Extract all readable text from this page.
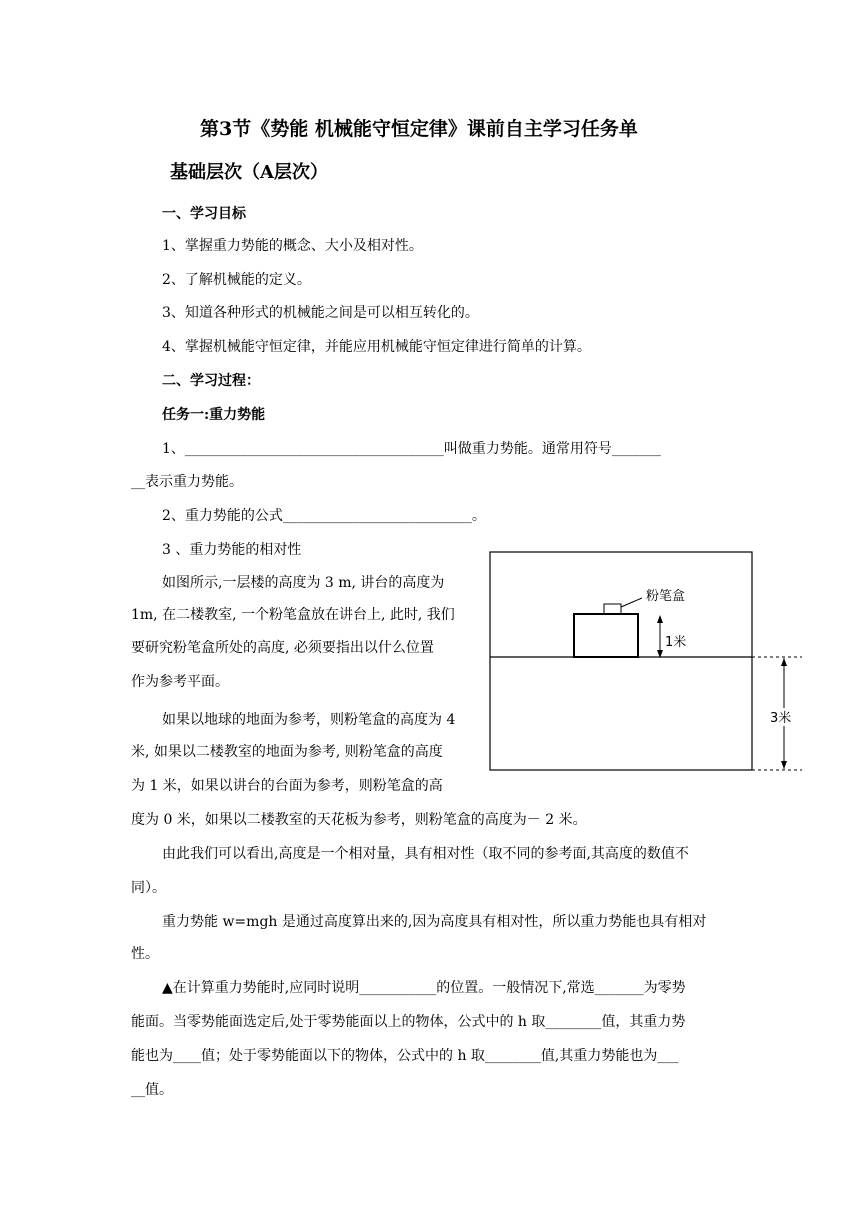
第3节《势能 机械能守恒定律》课前自主学习任务单
基础层次（A层次）
一、学习目标
1、掌握重力势能的概念、大小及相对性。
2、了解机械能的定义。
3、知道各种形式的机械能之间是可以相互转化的。
4、掌握机械能守恒定律，并能应用机械能守恒定律进行简单的计算。
二、学习过程：
任务一:重力势能
1、_____________________________________叫做重力势能。通常用符号_______
__表示重力势能。
2、重力势能的公式___________________________。
3 、重力势能的相对性
如图所示,一层楼的高度为 3 m, 讲台的高度为
1m, 在二楼教室, 一个粉笔盒放在讲台上, 此时, 我们
要研究粉笔盒所处的高度, 必须要指出以什么位置
作为参考平面。
如果以地球的地面为参考，则粉笔盒的高度为 4
米, 如果以二楼教室的地面为参考, 则粉笔盒的高度
为 1 米，如果以讲台的台面为参考，则粉笔盒的高
度为 0 米，如果以二楼教室的天花板为参考，则粉笔盒的高度为－ 2 米。
由此我们可以看出,高度是一个相对量，具有相对性（取不同的参考面,其高度的数值不
同）。
重力势能 w=mgh 是通过高度算出来的,因为高度具有相对性，所以重力势能也具有相对
性。
▲在计算重力势能时,应同时说明___________的位置。一般情况下,常选_______为零势
能面。当零势能面选定后,处于零势能面以上的物体，公式中的 h 取________值，其重力势
能也为____值；处于零势能面以下的物体，公式中的 h 取________值,其重力势能也为___
__值。
粉笔盒
1米
3米
